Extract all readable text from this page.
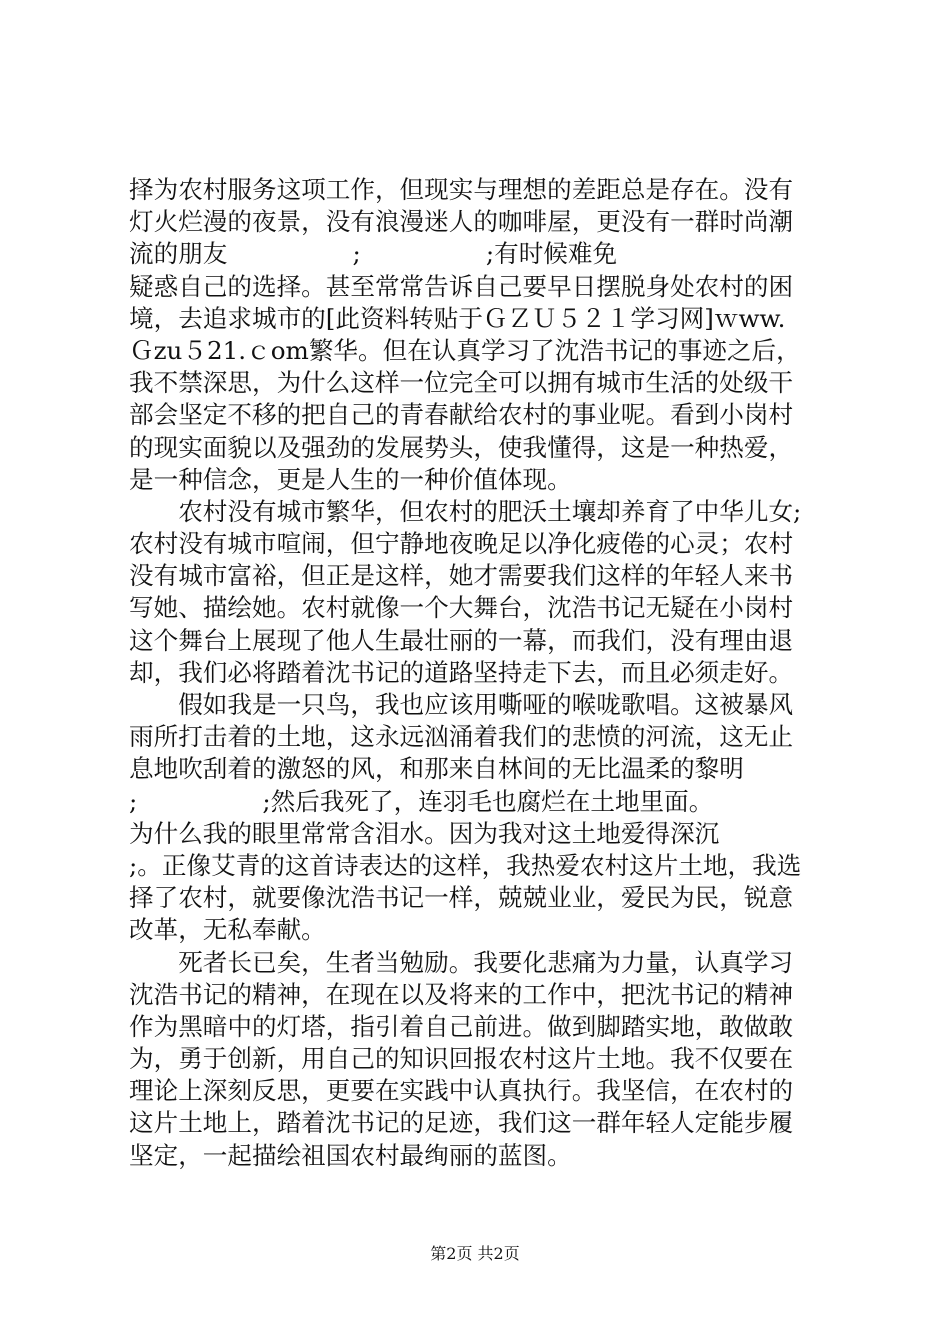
择为农村服务这项工作，但现实与理想的差距总是存在。没有
灯火烂漫的夜景，没有浪漫迷人的咖啡屋，更没有一群时尚潮
流的朋友                ;                ;有时候难免
疑惑自己的选择。甚至常常告诉自己要早日摆脱身处农村的困
境，去追求城市的[此资料转贴于ＧＺＵ５２１学习网]ｗww.
Ｇzu５21.ｃom繁华。但在认真学习了沈浩书记的事迹之后，
我不禁深思，为什么这样一位完全可以拥有城市生活的处级干
部会坚定不移的把自己的青春献给农村的事业呢。看到小岗村
的现实面貌以及强劲的发展势头，使我懂得，这是一种热爱，
是一种信念，更是人生的一种价值体现。
　　农村没有城市繁华，但农村的肥沃土壤却养育了中华儿女;
农村没有城市喧闹，但宁静地夜晚足以净化疲倦的心灵；农村
没有城市富裕，但正是这样，她才需要我们这样的年轻人来书
写她、描绘她。农村就像一个大舞台，沈浩书记无疑在小岗村
这个舞台上展现了他人生最壮丽的一幕，而我们，没有理由退
却，我们必将踏着沈书记的道路坚持走下去，而且必须走好。
　　假如我是一只鸟，我也应该用嘶哑的喉咙歌唱。这被暴风
雨所打击着的土地，这永远汹涌着我们的悲愤的河流，这无止
息地吹刮着的激怒的风，和那来自林间的无比温柔的黎明
;                ;然后我死了，连羽毛也腐烂在土地里面。
为什么我的眼里常常含泪水。因为我对这土地爱得深沉
;。正像艾青的这首诗表达的这样，我热爱农村这片土地，我选
择了农村，就要像沈浩书记一样，兢兢业业，爱民为民，锐意
改革，无私奉献。
　　死者长已矣，生者当勉励。我要化悲痛为力量，认真学习
沈浩书记的精神，在现在以及将来的工作中，把沈书记的精神
作为黑暗中的灯塔，指引着自己前进。做到脚踏实地，敢做敢
为，勇于创新，用自己的知识回报农村这片土地。我不仅要在
理论上深刻反思，更要在实践中认真执行。我坚信，在农村的
这片土地上，踏着沈书记的足迹，我们这一群年轻人定能步履
坚定，一起描绘祖国农村最绚丽的蓝图。
第2页 共2页
